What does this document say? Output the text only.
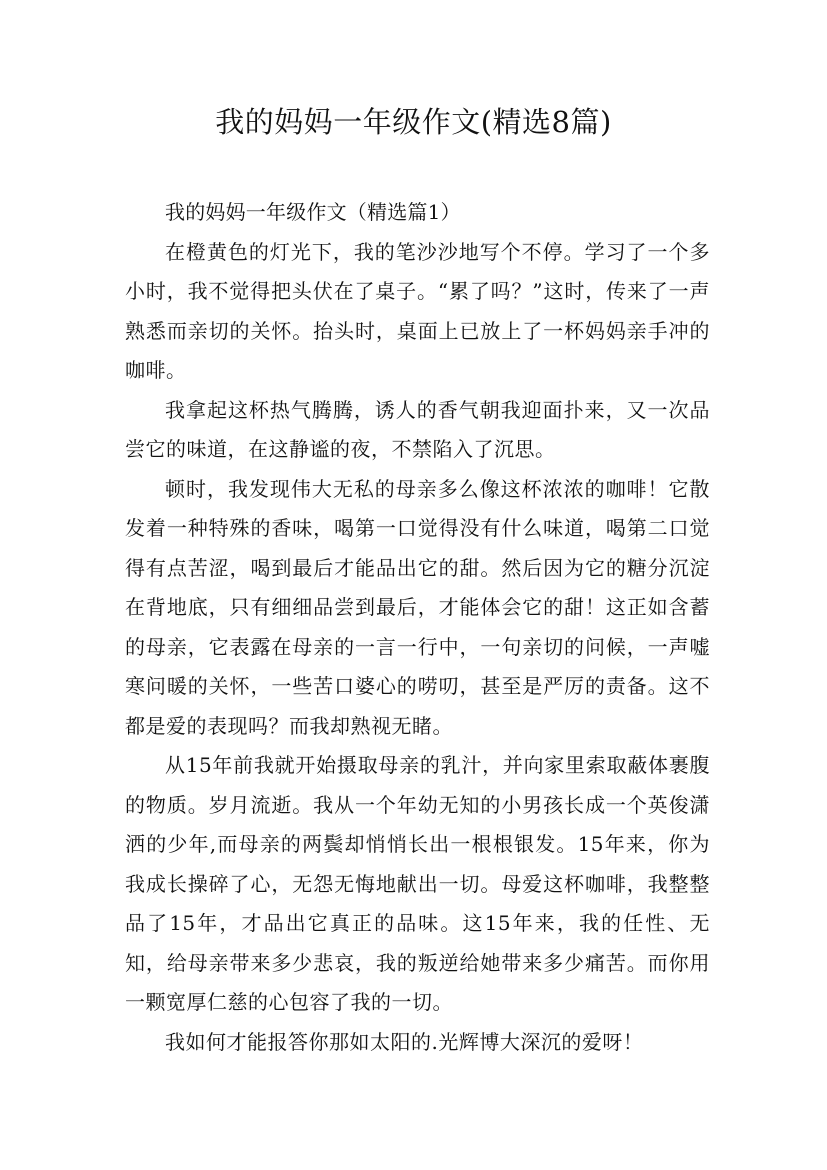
我的妈妈一年级作文(精选8篇)

我的妈妈一年级作文（精选篇1）

在橙黄色的灯光下，我的笔沙沙地写个不停。学习了一个多小时，我不觉得把头伏在了桌子。“累了吗？”这时，传来了一声熟悉而亲切的关怀。抬头时，桌面上已放上了一杯妈妈亲手冲的咖啡。

我拿起这杯热气腾腾，诱人的香气朝我迎面扑来，又一次品尝它的味道，在这静谧的夜，不禁陷入了沉思。

顿时，我发现伟大无私的母亲多么像这杯浓浓的咖啡！它散发着一种特殊的香味，喝第一口觉得没有什么味道，喝第二口觉得有点苦涩，喝到最后才能品出它的甜。然后因为它的糖分沉淀在背地底，只有细细品尝到最后，才能体会它的甜！这正如含蓄的母亲，它表露在母亲的一言一行中，一句亲切的问候，一声嘘寒问暖的关怀，一些苦口婆心的唠叨，甚至是严厉的责备。这不都是爱的表现吗？而我却熟视无睹。

从15年前我就开始摄取母亲的乳汁，并向家里索取蔽体裹腹的物质。岁月流逝。我从一个年幼无知的小男孩长成一个英俊潇洒的少年,而母亲的两鬓却悄悄长出一根根银发。15年来，你为我成长操碎了心，无怨无悔地献出一切。母爱这杯咖啡，我整整品了15年，才品出它真正的品味。这15年来，我的任性、无知，给母亲带来多少悲哀，我的叛逆给她带来多少痛苦。而你用一颗宽厚仁慈的心包容了我的一切。

我如何才能报答你那如太阳的.光辉博大深沉的爱呀！
